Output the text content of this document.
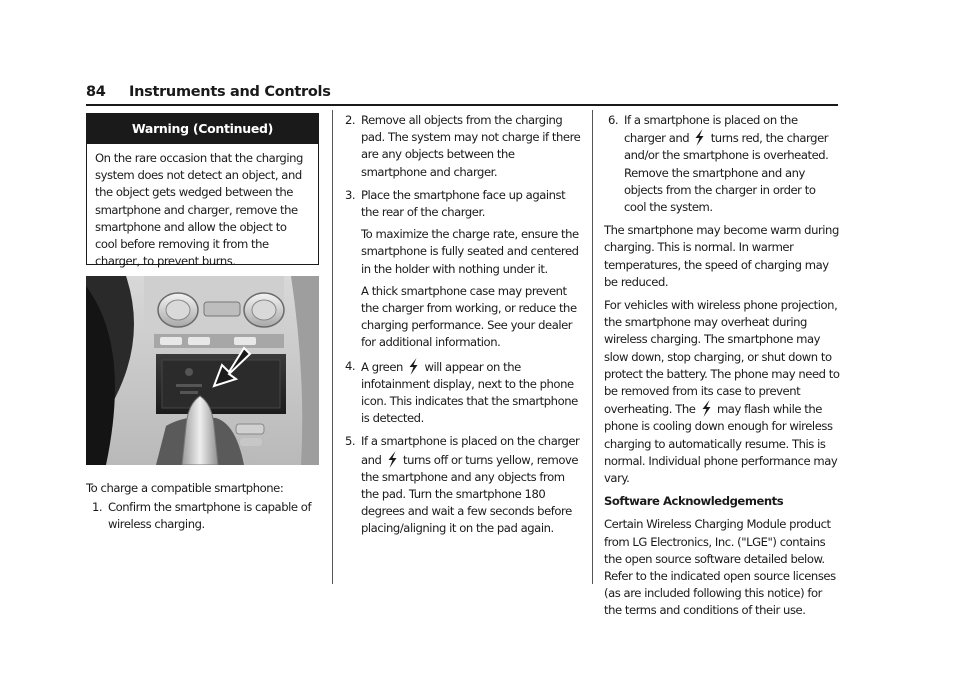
84 Instruments and Controls
Warning (Continued)
On the rare occasion that the charging system does not detect an object, and the object gets wedged between the smartphone and charger, remove the smartphone and allow the object to cool before removing it from the charger, to prevent burns.

To charge a compatible smartphone:

1. Confirm the smartphone is capable of wireless charging.
2. Remove all objects from the charging pad. The system may not charge if there are any objects between the smartphone and charger.
3. Place the smartphone face up against the rear of the charger.
To maximize the charge rate, ensure the smartphone is fully seated and centered in the holder with nothing under it.
A thick smartphone case may prevent the charger from working, or reduce the charging performance. See your dealer for additional information.
4. A green will appear on the infotainment display, next to the phone icon. This indicates that the smartphone is detected.
5. If a smartphone is placed on the charger and turns off or turns yellow, remove the smartphone and any objects from the pad. Turn the smartphone 180 degrees and wait a few seconds before placing/aligning it on the pad again.
6. If a smartphone is placed on the charger and turns red, the charger and/or the smartphone is overheated. Remove the smartphone and any objects from the charger in order to cool the system.

The smartphone may become warm during charging. This is normal. In warmer temperatures, the speed of charging may be reduced.

For vehicles with wireless phone projection, the smartphone may overheat during wireless charging. The smartphone may slow down, stop charging, or shut down to protect the battery. The phone may need to be removed from its case to prevent overheating. The may flash while the phone is cooling down enough for wireless charging to automatically resume. This is normal. Individual phone performance may vary.

Software Acknowledgements

Certain Wireless Charging Module product from LG Electronics, Inc. ("LGE") contains the open source software detailed below. Refer to the indicated open source licenses (as are included following this notice) for the terms and conditions of their use.
